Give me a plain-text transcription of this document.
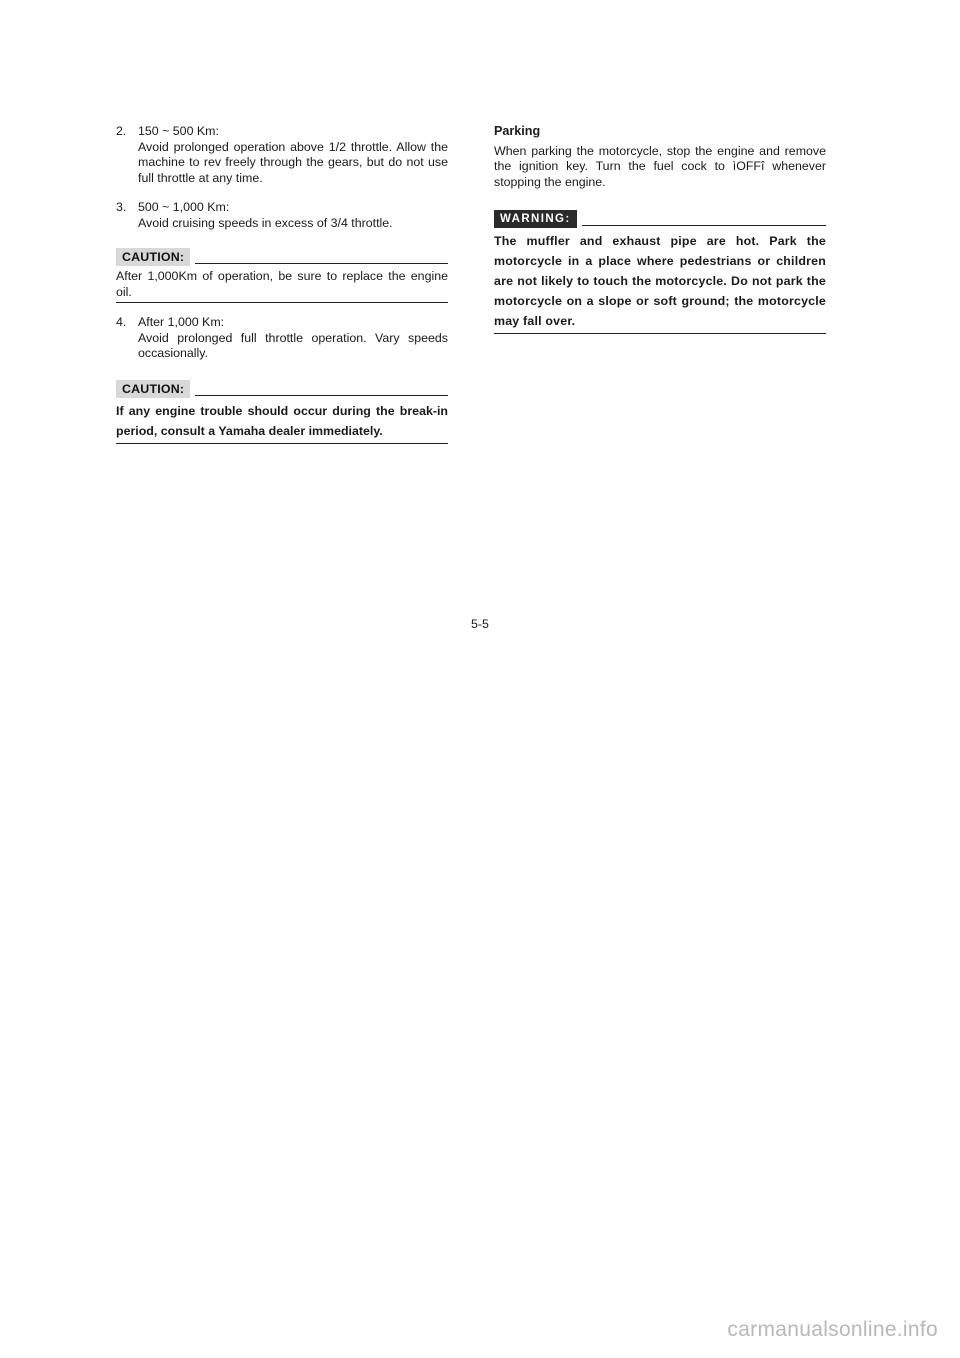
2. 150 ~ 500 Km:

Avoid prolonged operation above 1/2 throttle. Allow the machine to rev freely through the gears, but do not use full throttle at any time.

3. 500 ~ 1,000 Km:

Avoid cruising speeds in excess of 3/4 throttle.

CAUTION:

After 1,000Km of operation, be sure to replace the engine oil.

4. After 1,000 Km:

Avoid prolonged full throttle operation. Vary speeds occasionally.

CAUTION:

If any engine trouble should occur during the break-in period, consult a Yamaha dealer immediately.

Parking

When parking the motorcycle, stop the engine and remove the ignition key. Turn the fuel cock to ìOFFî whenever stopping the engine.

WARNING:

The muffler and exhaust pipe are hot. Park the motorcycle in a place where pedestrians or children are not likely to touch the motorcycle. Do not park the motorcycle on a slope or soft ground; the motorcycle may fall over.

5-5
carmanualsonline.info
